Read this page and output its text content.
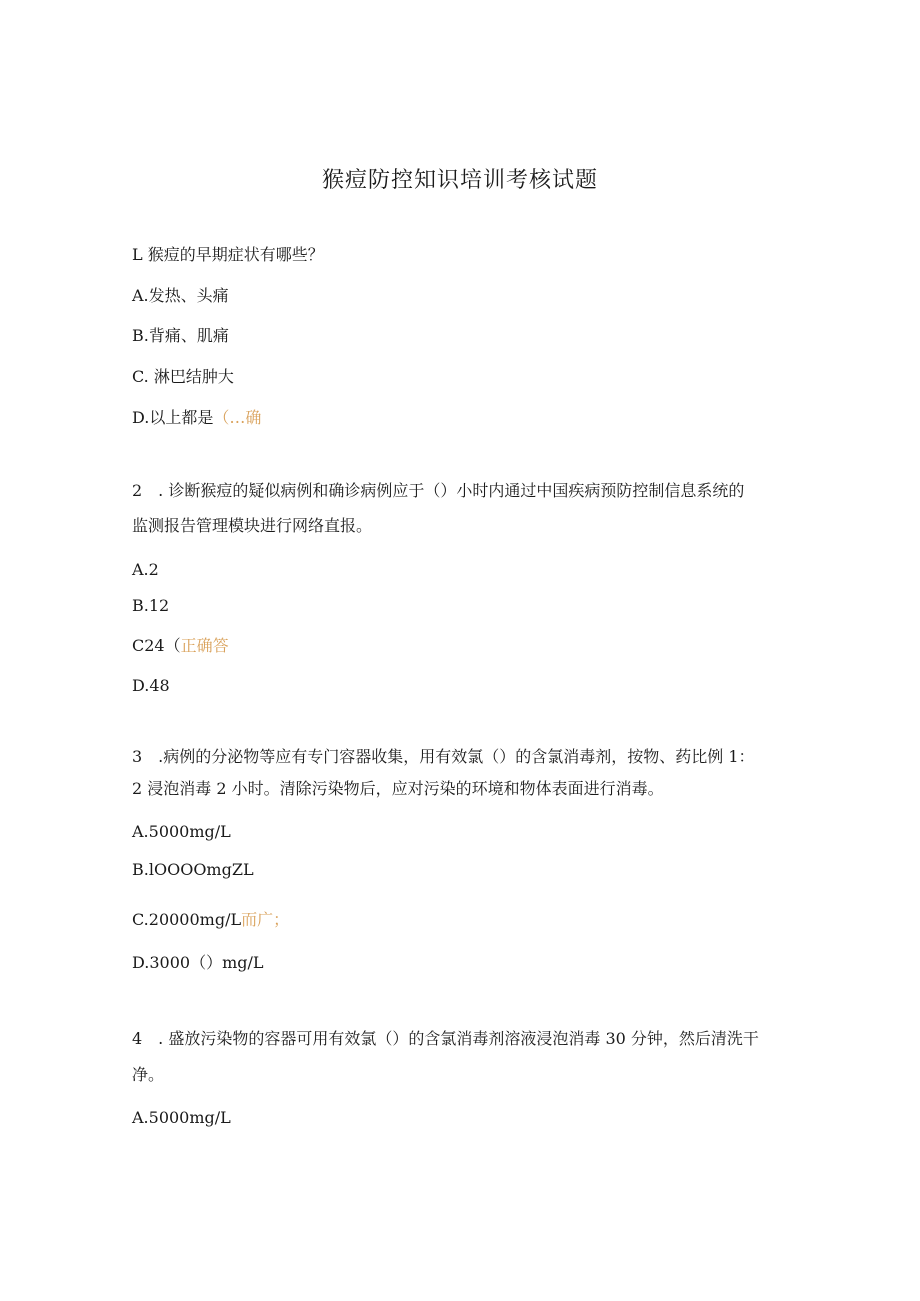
猴痘防控知识培训考核试题
L 猴痘的早期症状有哪些？
A.发热、头痛
B.背痛、肌痛
C. 淋巴结肿大
D.以上都是（…确
2　. 诊断猴痘的疑似病例和确诊病例应于（）小时内通过中国疾病预防控制信息系统的
监测报告管理模块进行网络直报。
A.2
B.12
C24（正确答
D.48
3　.病例的分泌物等应有专门容器收集，用有效氯（）的含氯消毒剂，按物、药比例 1：
2 浸泡消毒 2 小时。清除污染物后，应对污染的环境和物体表面进行消毒。
A.5000mg∕L
B.lOOOOmgZL
C.20000mg∕L而广；
D.3000（）mg∕L
4　. 盛放污染物的容器可用有效氯（）的含氯消毒剂溶液浸泡消毒 30 分钟，然后清洗干
净。
A.5000mg∕L
